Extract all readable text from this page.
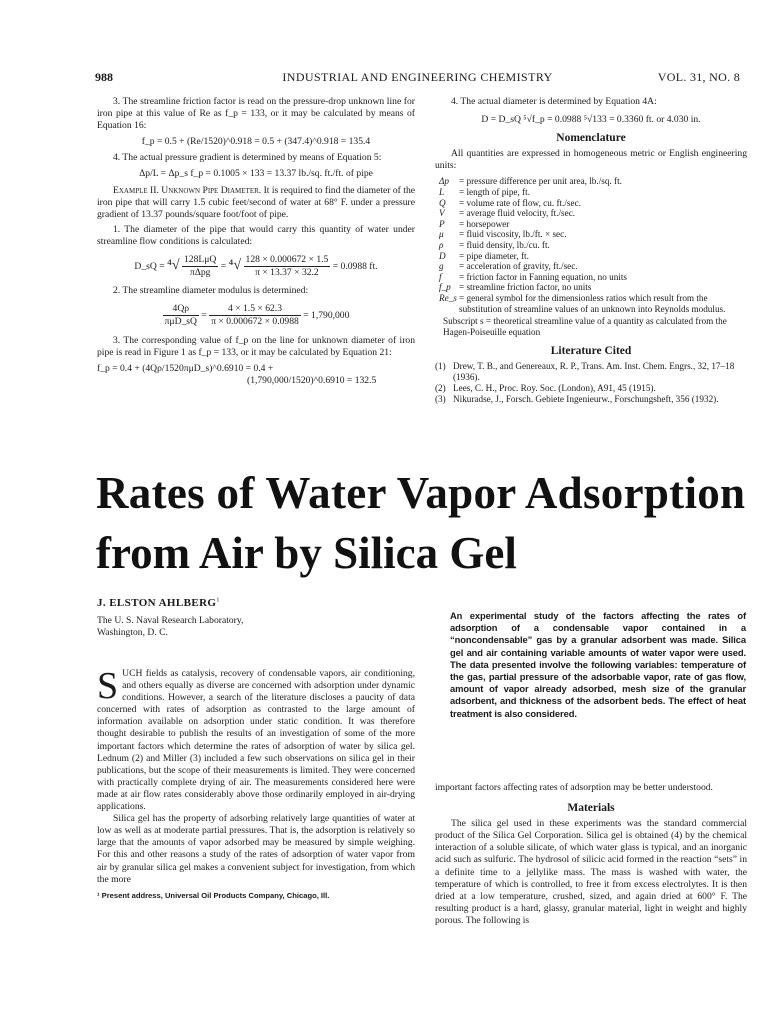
988	INDUSTRIAL AND ENGINEERING CHEMISTRY	VOL. 31, NO. 8

3. The streamline friction factor is read on the pressure-drop unknown line for iron pipe at this value of Re as f_p = 133, or it may be calculated by means of Equation 16:

f_p = 0.5 + (Re/1520)^0.918 = 0.5 + (347.4)^0.918 = 135.4

4. The actual pressure gradient is determined by means of Equation 5:

Δp/L = Δp_s f_p = 0.1005 × 133 = 13.37 lb./sq. ft./ft. of pipe

Example II. Unknown Pipe Diameter. It is required to find the diameter of the iron pipe that will carry 1.5 cubic feet/second of water at 68° F. under a pressure gradient of 13.37 pounds/square foot/foot of pipe.

1. The diameter of the pipe that would carry this quantity of water under streamline flow conditions is calculated:

D_sQ = $^4√ \frac{\text{128LμQ}}{\text{πΔpg}} = ^4√ \frac{128 \times 0.000672 \times 1.5}{\pi \times 13.37 \times 32.2} = 0.0988$ ft.

2. The streamline diameter modulus is determined:

$\frac{4Q\rho}{\text{πμD\_sQ}} = \frac{4 \times 1.5 \times 62.3}{\pi \times 0.000672 \times 0.0988} = 1,790,000$

3. The corresponding value of f_p on the line for unknown diameter of iron pipe is read in Figure 1 as f_p = 133, or it may be calculated by Equation 21:

f_p = 0.4 + (4Qρ/1520πμD_s)^0.6910 = 0.4 +
(1,790,000/1520)^0.6910 = 132.5

4. The actual diameter is determined by Equation 4A:

D = D_sQ ⁵√f_p = 0.0988 ⁵√133 = 0.3360 ft. or 4.030 in.
Nomenclature

All quantities are expressed in homogeneous metric or English engineering units:

Δp	= pressure difference per unit area, lb./sq. ft.
L	= length of pipe, ft.
Q	= volume rate of flow, cu. ft./sec.
V	= average fluid velocity, ft./sec.
P	= horsepower
μ	= fluid viscosity, lb./ft. × sec.
ρ	= fluid density, lb./cu. ft.
D	= pipe diameter, ft.
g	= acceleration of gravity, ft./sec.
f	= friction factor in Fanning equation, no units
f_p = streamline friction factor, no units
Re_s = general symbol for the dimensionless ratios which result from the substitution of streamline values of an unknown into Reynolds modulus.

Subscript s = theoretical streamline value of a quantity as calculated from the Hagen-Poiseuille equation

Literature Cited
(1) Drew, T. B., and Genereaux, R. P., Trans. Am. Inst. Chem. Engrs., 32, 17–18 (1936).
(2) Lees, C. H., Proc. Roy. Soc. (London), A91, 45 (1915).
(3) Nikuradse, J., Forsch. Gebiete Ingenieurw., Forschungsheft, 356 (1932).
Rates of Water Vapor Adsorption
from Air by Silica Gel
J. ELSTON AHLBERG$^1$
The U. S. Naval Research Laboratory,
Washington, D. C.
An experimental study of the factors affecting the rates of adsorption of a condensable vapor contained in a “noncondensable” gas by a granular adsorbent was made. Silica gel and air containing variable amounts of water vapor were used. The data presented involve the following variables: temperature of the gas, partial pressure of the adsorbable vapor, rate of gas flow, amount of vapor already adsorbed, mesh size of the granular adsorbent, and thickness of the adsorbent beds. The effect of heat treatment is also considered.

SUCH fields as catalysis, recovery of condensable vapors, air conditioning, and others equally as diverse are concerned with adsorption under dynamic conditions. However, a search of the literature discloses a paucity of data concerned with rates of adsorption as contrasted to the large amount of information available on adsorption under static condition. It was therefore thought desirable to publish the results of an investigation of some of the more important factors which determine the rates of adsorption of water by silica gel. Lednum (2) and Miller (3) included a few such observations on silica gel in their publications, but the scope of their measurements is limited. They were concerned with practically complete drying of air. The measurements considered here were made at air flow rates considerably above those ordinarily employed in air-drying applications.

Silica gel has the property of adsorbing relatively large quantities of water at low as well as at moderate partial pressures. That is, the adsorption is relatively so large that the amounts of vapor adsorbed may be measured by simple weighing. For this and other reasons a study of the rates of adsorption of water vapor from air by granular silica gel makes a convenient subject for investigation, from which the more

¹ Present address, Universal Oil Products Company, Chicago, Ill.

important factors affecting rates of adsorption may be better understood.

Materials

The silica gel used in these experiments was the standard commercial product of the Silica Gel Corporation. Silica gel is obtained (4) by the chemical interaction of a soluble silicate, of which water glass is typical, and an inorganic acid such as sulfuric. The hydrosol of silicic acid formed in the reaction “sets” in a definite time to a jellylike mass. The mass is washed with water, the temperature of which is controlled, to free it from excess electrolytes. It is then dried at a low temperature, crushed, sized, and again dried at 600° F. The resulting product is a hard, glassy, granular material, light in weight and highly porous. The following is
